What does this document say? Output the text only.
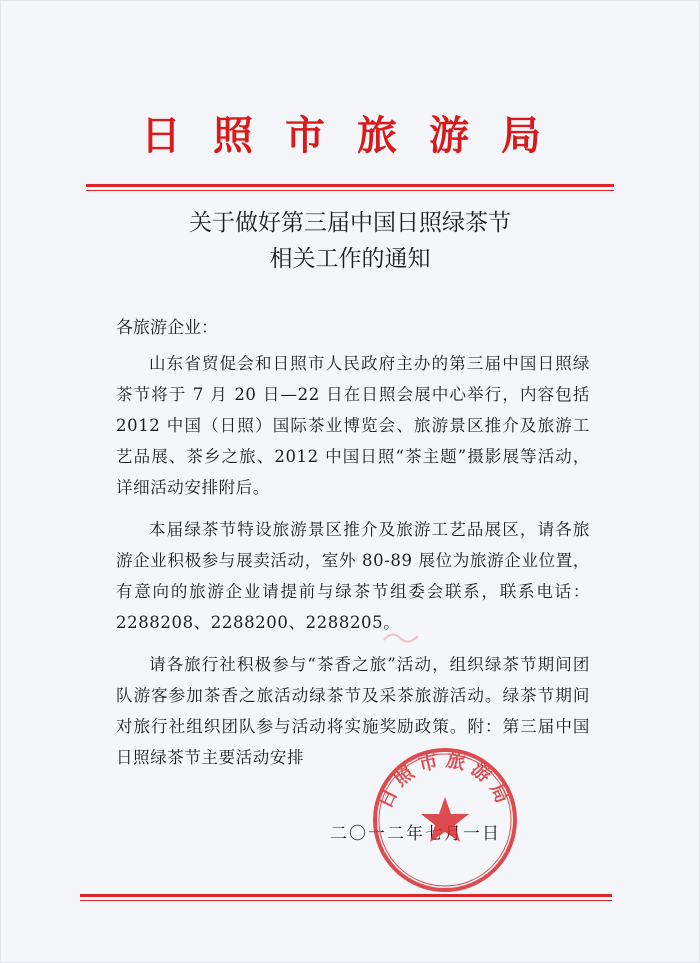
日照市旅游局
关于做好第三届中国日照绿茶节
相关工作的通知
各旅游企业：

山东省贸促会和日照市人民政府主办的第三届中国日照绿茶节将于 7 月 20 日—22 日在日照会展中心举行，内容包括 2012 中国（日照）国际茶业博览会、旅游景区推介及旅游工艺品展、茶乡之旅、2012 中国日照“茶主题”摄影展等活动，详细活动安排附后。

本届绿茶节特设旅游景区推介及旅游工艺品展区，请各旅游企业积极参与展卖活动，室外 80-89 展位为旅游企业位置，有意向的旅游企业请提前与绿茶节组委会联系，联系电话：2288208、2288200、2288205。

请各旅行社积极参与“茶香之旅”活动，组织绿茶节期间团队游客参加茶香之旅活动绿茶节及采茶旅游活动。绿茶节期间对旅行社组织团队参与活动将实施奖励政策。附：第三届中国日照绿茶节主要活动安排

二〇一二年七月一日
日照市旅游局
